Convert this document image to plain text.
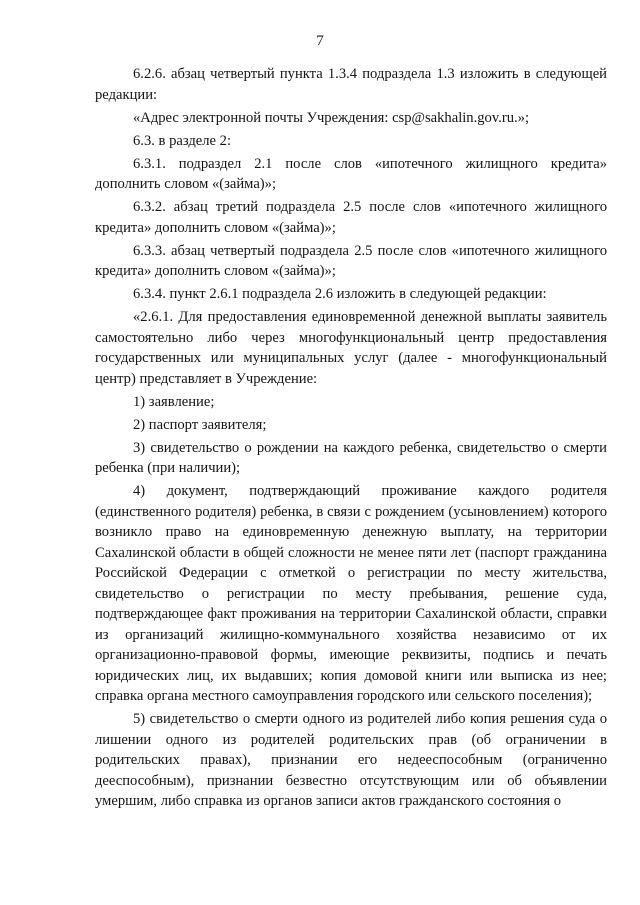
7

6.2.6. абзац четвертый пункта 1.3.4 подраздела 1.3 изложить в следующей редакции:

«Адрес электронной почты Учреждения: csp@sakhalin.gov.ru.»;

6.3. в разделе 2:

6.3.1. подраздел 2.1 после слов «ипотечного жилищного кредита» дополнить словом «(займа)»;

6.3.2. абзац третий подраздела 2.5 после слов «ипотечного жилищного кредита» дополнить словом «(займа)»;

6.3.3. абзац четвертый подраздела 2.5 после слов «ипотечного жилищного кредита» дополнить словом «(займа)»;

6.3.4. пункт 2.6.1 подраздела 2.6 изложить в следующей редакции:

«2.6.1. Для предоставления единовременной денежной выплаты заявитель самостоятельно либо через многофункциональный центр предоставления государственных или муниципальных услуг (далее - многофункциональный центр) представляет в Учреждение:

1) заявление;

2) паспорт заявителя;

3) свидетельство о рождении на каждого ребенка, свидетельство о смерти ребенка (при наличии);

4) документ, подтверждающий проживание каждого родителя (единственного родителя) ребенка, в связи с рождением (усыновлением) которого возникло право на единовременную денежную выплату, на территории Сахалинской области в общей сложности не менее пяти лет (паспорт гражданина Российской Федерации с отметкой о регистрации по месту жительства, свидетельство о регистрации по месту пребывания, решение суда, подтверждающее факт проживания на территории Сахалинской области, справки из организаций жилищно-коммунального хозяйства независимо от их организационно-правовой формы, имеющие реквизиты, подпись и печать юридических лиц, их выдавших; копия домовой книги или выписка из нее; справка органа местного самоуправления городского или сельского поселения);

5) свидетельство о смерти одного из родителей либо копия решения суда о лишении одного из родителей родительских прав (об ограничении в родительских правах), признании его недееспособным (ограниченно дееспособным), признании безвестно отсутствующим или об объявлении умершим, либо справка из органов записи актов гражданского состояния о
